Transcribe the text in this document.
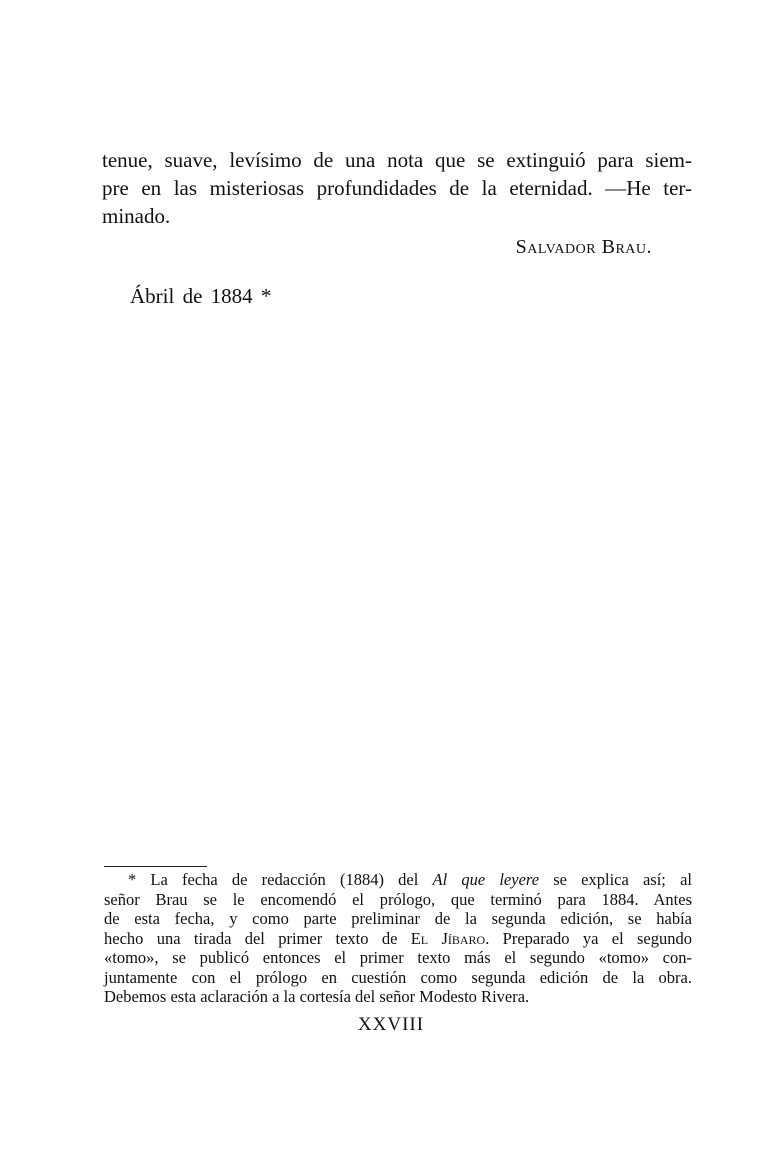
tenue, suave, levísimo de una nota que se extinguió para siem-
pre en las misteriosas profundidades de la eternidad. —He ter-
minado.

Salvador Brau.

Ábril de 1884 *

* La fecha de redacción (1884) del Al que leyere se explica así; al
señor Brau se le encomendó el prólogo, que terminó para 1884. Antes
de esta fecha, y como parte preliminar de la segunda edición, se había
hecho una tirada del primer texto de El Jíbaro. Preparado ya el segundo
«tomo», se publicó entonces el primer texto más el segundo «tomo» con-
juntamente con el prólogo en cuestión como segunda edición de la obra.
Debemos esta aclaración a la cortesía del señor Modesto Rivera.

XXVIII
